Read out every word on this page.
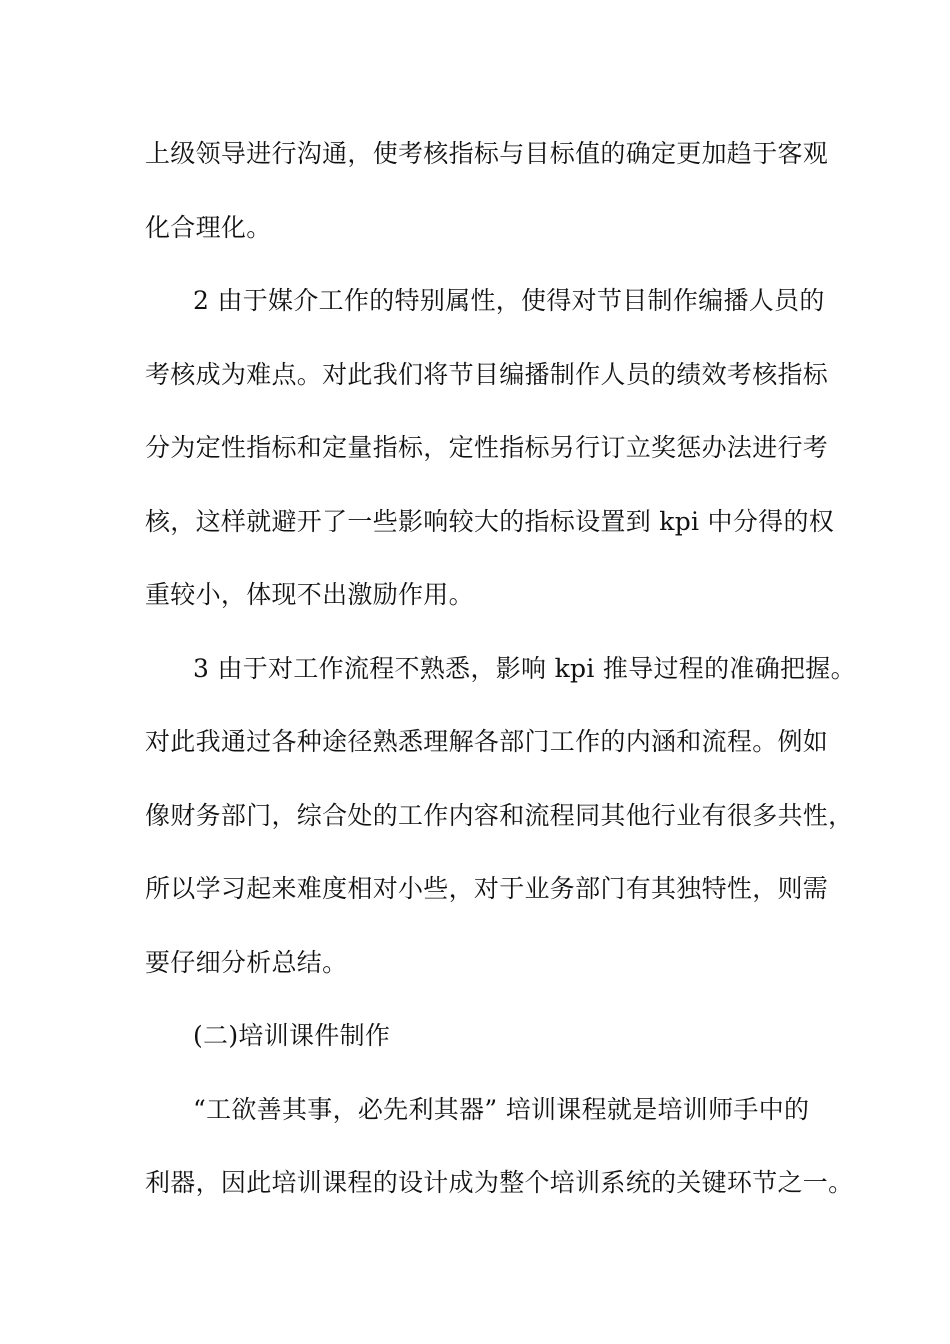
上级领导进行沟通，使考核指标与目标值的确定更加趋于客观
化合理化。
2 由于媒介工作的特别属性，使得对节目制作编播人员的
考核成为难点。对此我们将节目编播制作人员的绩效考核指标
分为定性指标和定量指标，定性指标另行订立奖惩办法进行考
核，这样就避开了一些影响较大的指标设置到 kpi 中分得的权
重较小，体现不出激励作用。
3 由于对工作流程不熟悉，影响 kpi 推导过程的准确把握。
对此我通过各种途径熟悉理解各部门工作的内涵和流程。例如
像财务部门，综合处的工作内容和流程同其他行业有很多共性，
所以学习起来难度相对小些，对于业务部门有其独特性，则需
要仔细分析总结。
(二)培训课件制作
“工欲善其事，必先利其器” 培训课程就是培训师手中的
利器，因此培训课程的设计成为整个培训系统的关键环节之一。
